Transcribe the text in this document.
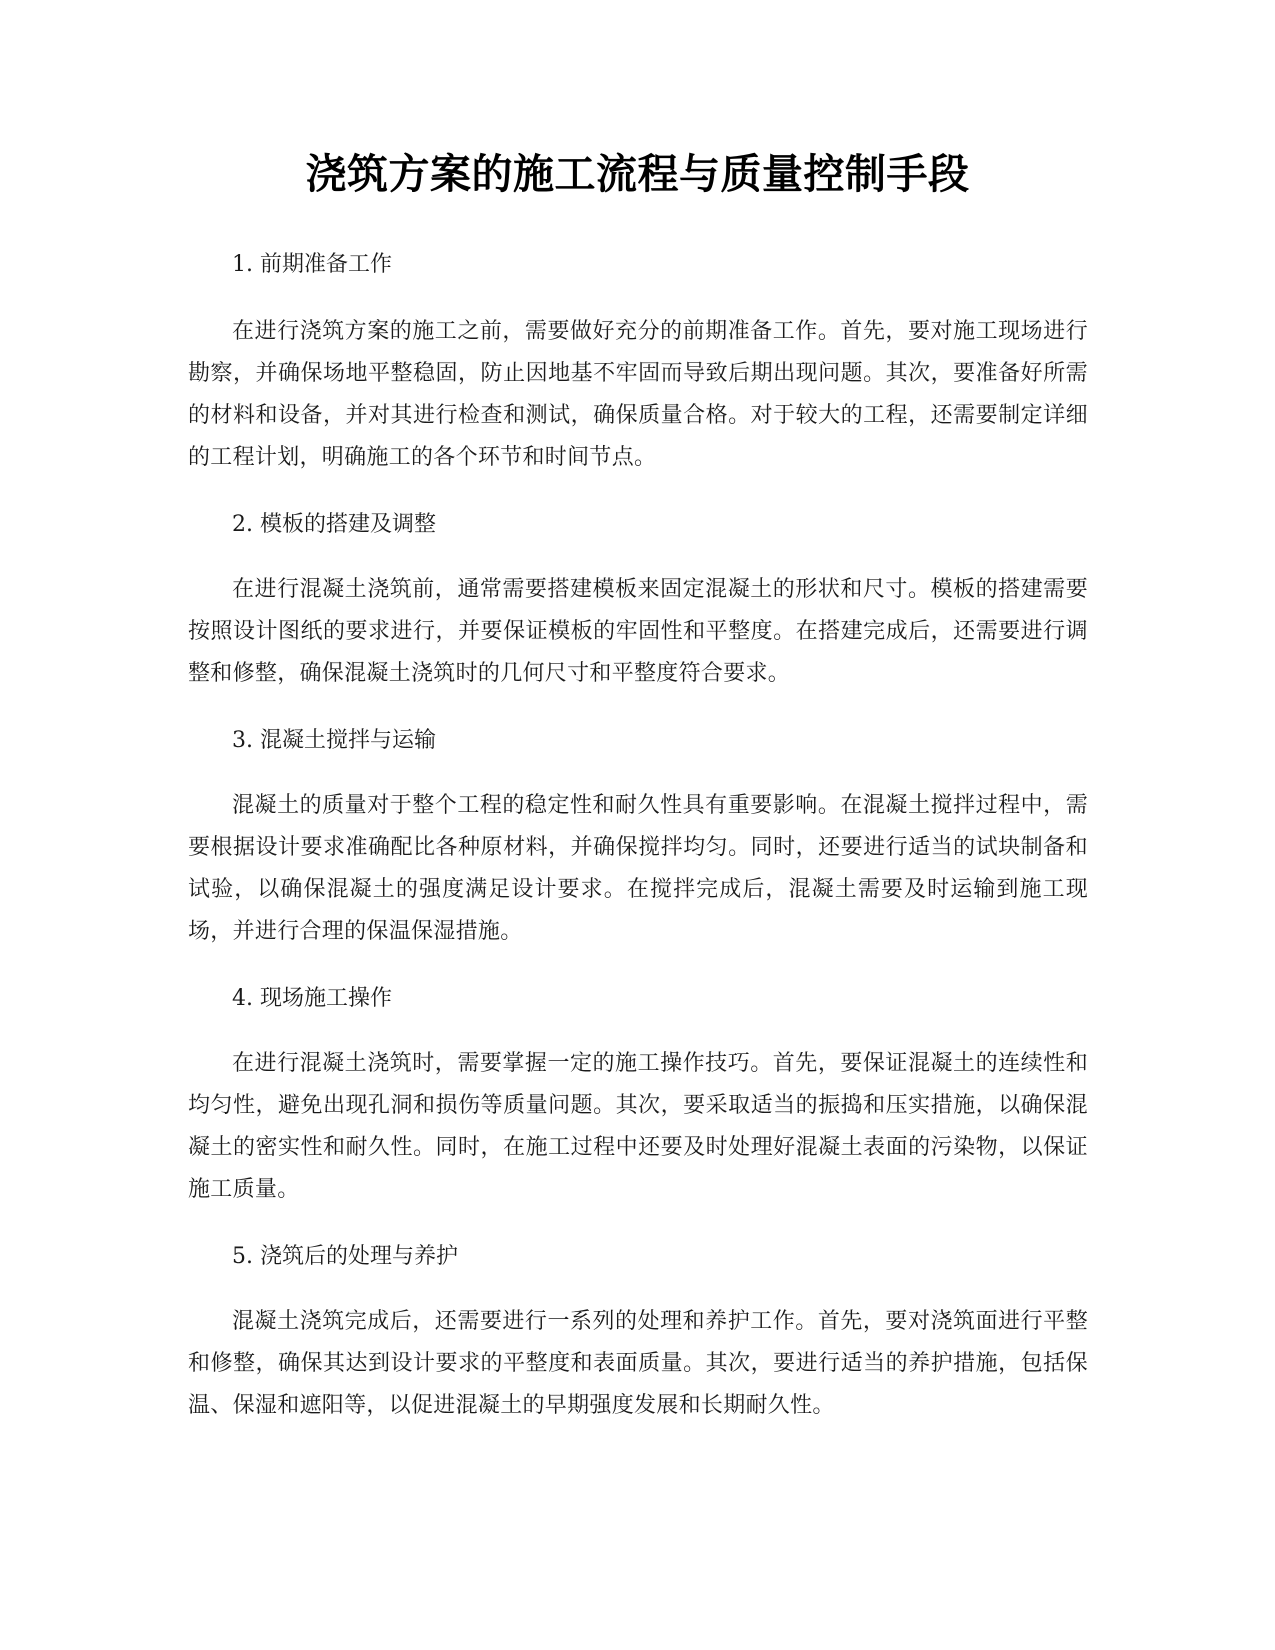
浇筑方案的施工流程与质量控制手段
1. 前期准备工作

在进行浇筑方案的施工之前，需要做好充分的前期准备工作。首先，要对施工现场进行勘察，并确保场地平整稳固，防止因地基不牢固而导致后期出现问题。其次，要准备好所需的材料和设备，并对其进行检查和测试，确保质量合格。对于较大的工程，还需要制定详细的工程计划，明确施工的各个环节和时间节点。

2. 模板的搭建及调整

在进行混凝土浇筑前，通常需要搭建模板来固定混凝土的形状和尺寸。模板的搭建需要按照设计图纸的要求进行，并要保证模板的牢固性和平整度。在搭建完成后，还需要进行调整和修整，确保混凝土浇筑时的几何尺寸和平整度符合要求。

3. 混凝土搅拌与运输

混凝土的质量对于整个工程的稳定性和耐久性具有重要影响。在混凝土搅拌过程中，需要根据设计要求准确配比各种原材料，并确保搅拌均匀。同时，还要进行适当的试块制备和试验，以确保混凝土的强度满足设计要求。在搅拌完成后，混凝土需要及时运输到施工现场，并进行合理的保温保湿措施。

4. 现场施工操作

在进行混凝土浇筑时，需要掌握一定的施工操作技巧。首先，要保证混凝土的连续性和均匀性，避免出现孔洞和损伤等质量问题。其次，要采取适当的振捣和压实措施，以确保混凝土的密实性和耐久性。同时，在施工过程中还要及时处理好混凝土表面的污染物，以保证施工质量。

5. 浇筑后的处理与养护

混凝土浇筑完成后，还需要进行一系列的处理和养护工作。首先，要对浇筑面进行平整和修整，确保其达到设计要求的平整度和表面质量。其次，要进行适当的养护措施，包括保温、保湿和遮阳等，以促进混凝土的早期强度发展和长期耐久性。
